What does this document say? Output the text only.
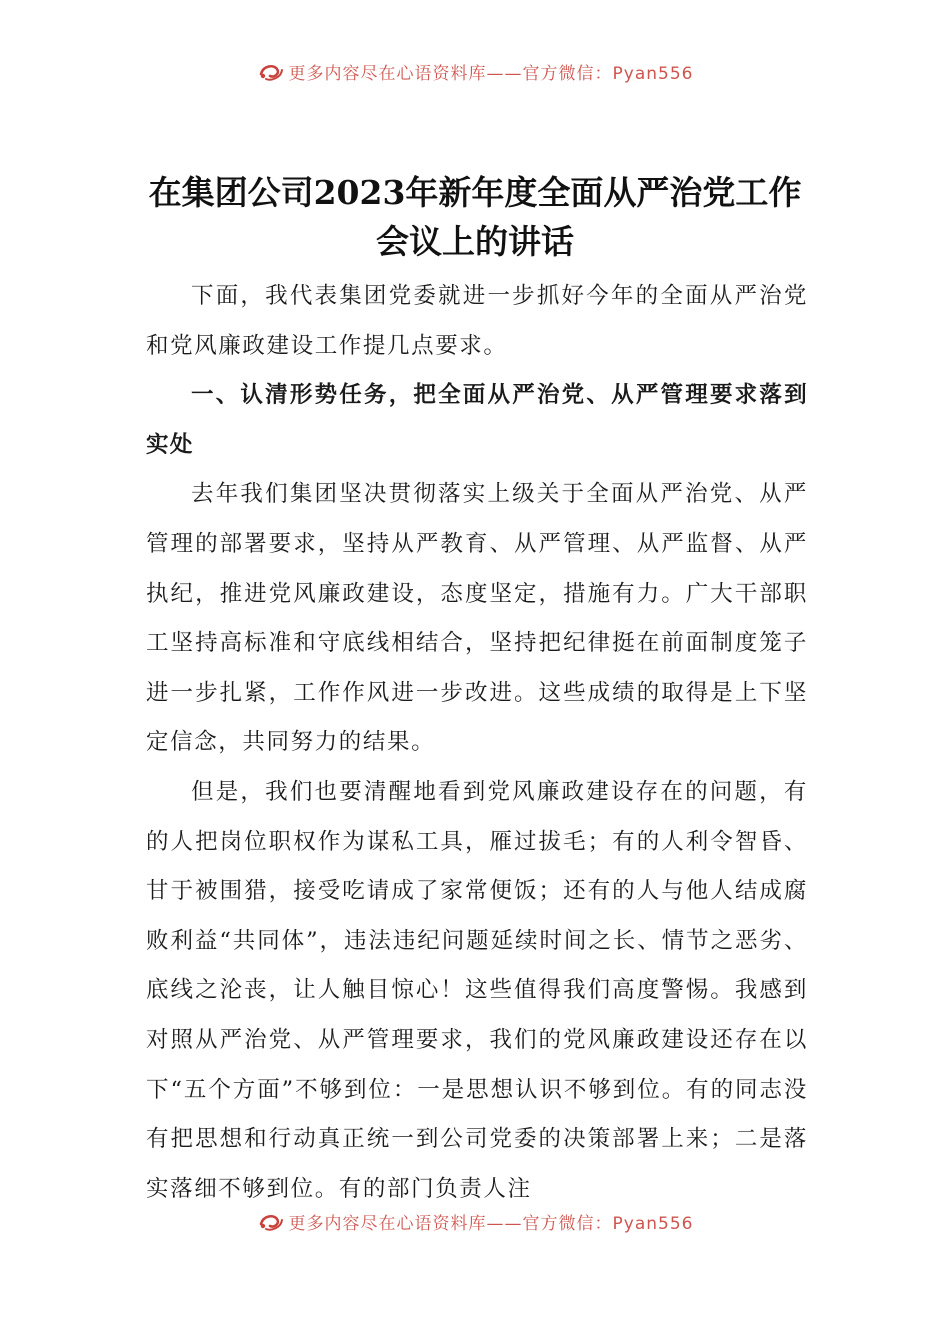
更多内容尽在心语资料库——官方微信：Pyan556
在集团公司2023年新年度全面从严治党工作会议上的讲话

下面，我代表集团党委就进一步抓好今年的全面从严治党和党风廉政建设工作提几点要求。

一、认清形势任务，把全面从严治党、从严管理要求落到实处

去年我们集团坚决贯彻落实上级关于全面从严治党、从严管理的部署要求，坚持从严教育、从严管理、从严监督、从严执纪，推进党风廉政建设，态度坚定，措施有力。广大干部职工坚持高标准和守底线相结合，坚持把纪律挺在前面制度笼子进一步扎紧，工作作风进一步改进。这些成绩的取得是上下坚定信念，共同努力的结果。

但是，我们也要清醒地看到党风廉政建设存在的问题，有的人把岗位职权作为谋私工具，雁过拔毛；有的人利令智昏、甘于被围猎，接受吃请成了家常便饭；还有的人与他人结成腐败利益“共同体”，违法违纪问题延续时间之长、情节之恶劣、底线之沦丧，让人触目惊心！这些值得我们高度警惕。我感到对照从严治党、从严管理要求，我们的党风廉政建设还存在以下“五个方面”不够到位：一是思想认识不够到位。有的同志没有把思想和行动真正统一到公司党委的决策部署上来；二是落实落细不够到位。有的部门负责人注

更多内容尽在心语资料库——官方微信：Pyan556
